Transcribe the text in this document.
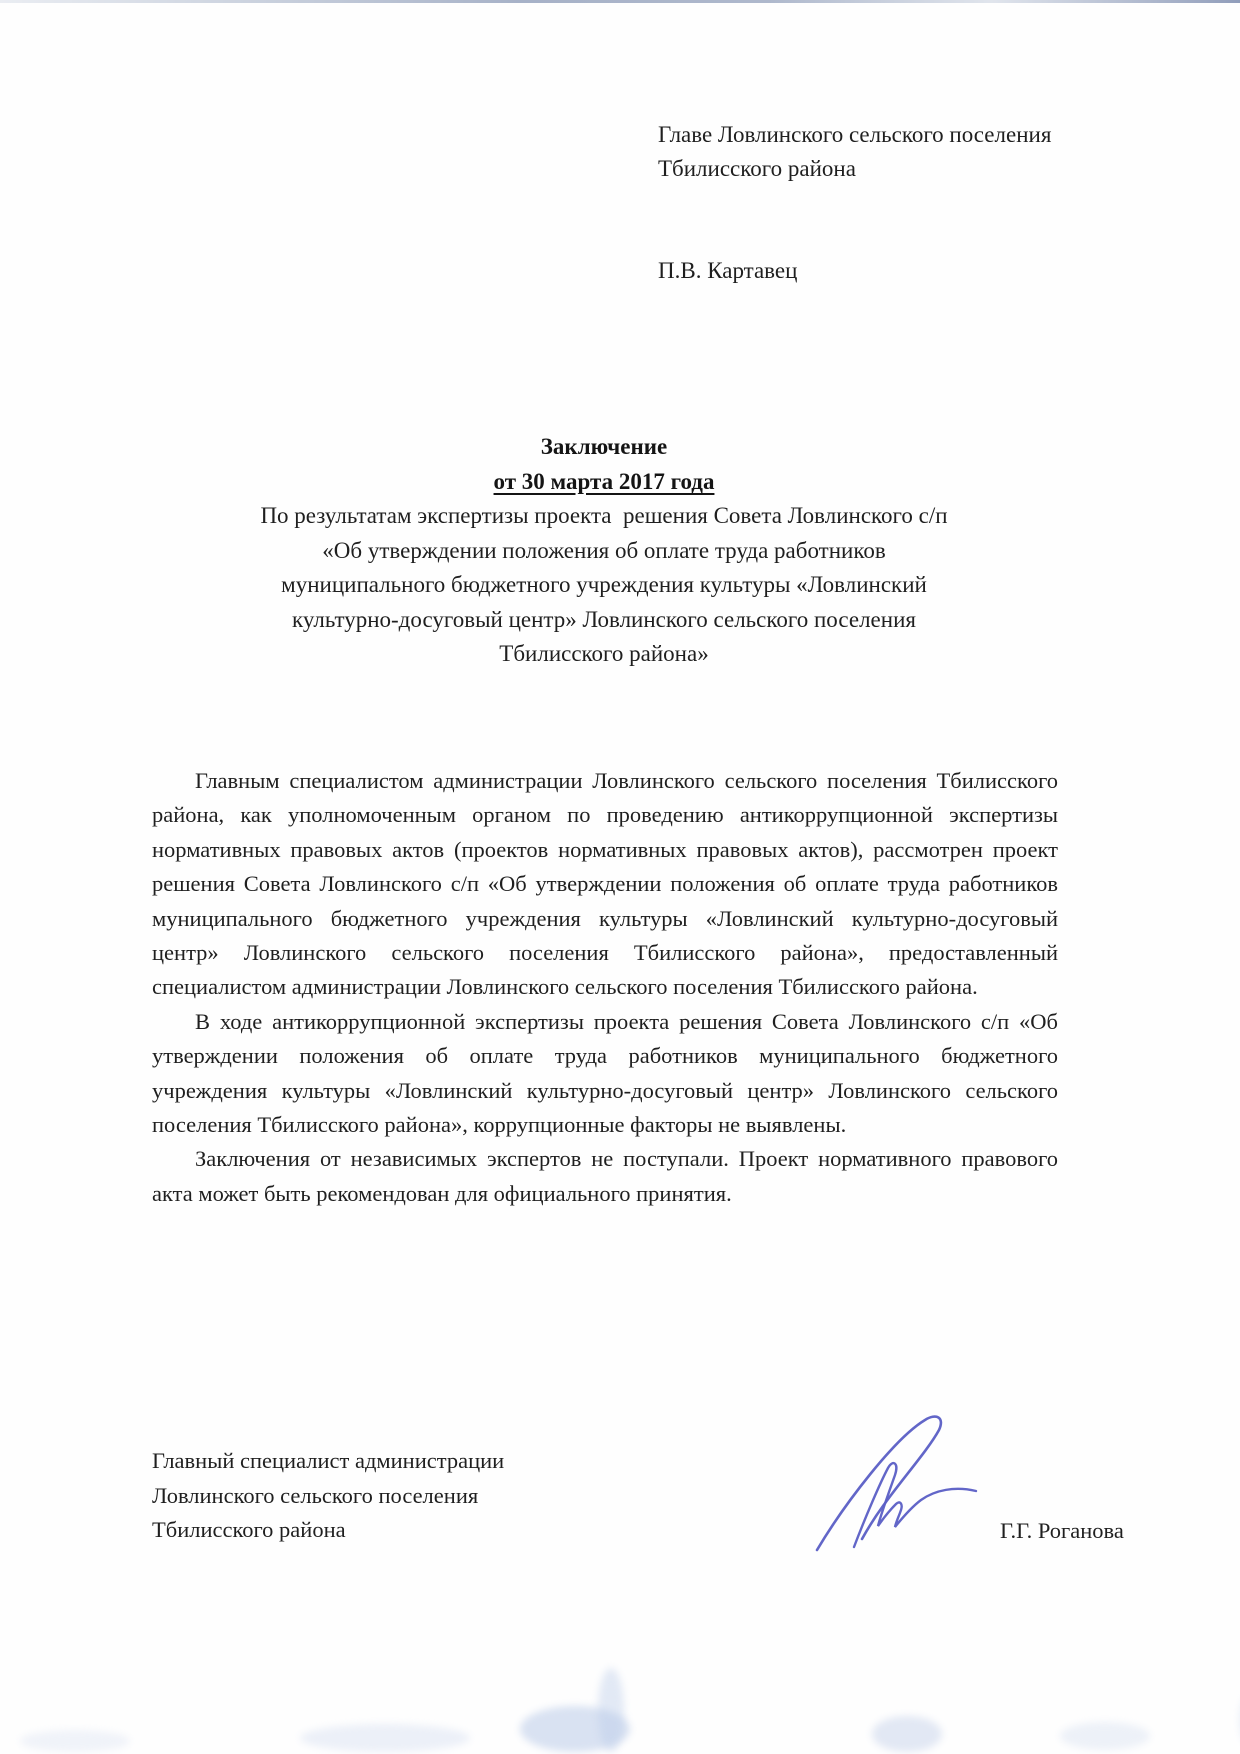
Главе Ловлинского сельского поселения
Тбилисского района
П.В. Картавец
Заключение
от 30 марта 2017 года
По результатам экспертизы проекта  решения Совета Ловлинского с/п
«Об утверждении положения об оплате труда работников
муниципального бюджетного учреждения культуры «Ловлинский
культурно-досуговый центр» Ловлинского сельского поселения
Тбилисского района»

Главным специалистом администрации Ловлинского сельского поселения Тбилисского района, как уполномоченным органом по проведению антикоррупционной экспертизы нормативных правовых актов (проектов нормативных правовых актов), рассмотрен проект решения Совета Ловлинского с/п «Об утверждении положения об оплате труда работников муниципального бюджетного учреждения культуры «Ловлинский культурно-досуговый центр» Ловлинского сельского поселения Тбилисского района», предоставленный специалистом администрации Ловлинского сельского поселения Тбилисского района.

В ходе антикоррупционной экспертизы проекта решения Совета Ловлинского с/п «Об утверждении положения об оплате труда работников муниципального бюджетного учреждения культуры «Ловлинский культурно-досуговый центр» Ловлинского сельского поселения Тбилисского района», коррупционные факторы не выявлены.

Заключения от независимых экспертов не поступали. Проект нормативного правового акта может быть рекомендован для официального принятия.

Главный специалист администрации
Ловлинского сельского поселения
Тбилисского района	Г.Г. Роганова
